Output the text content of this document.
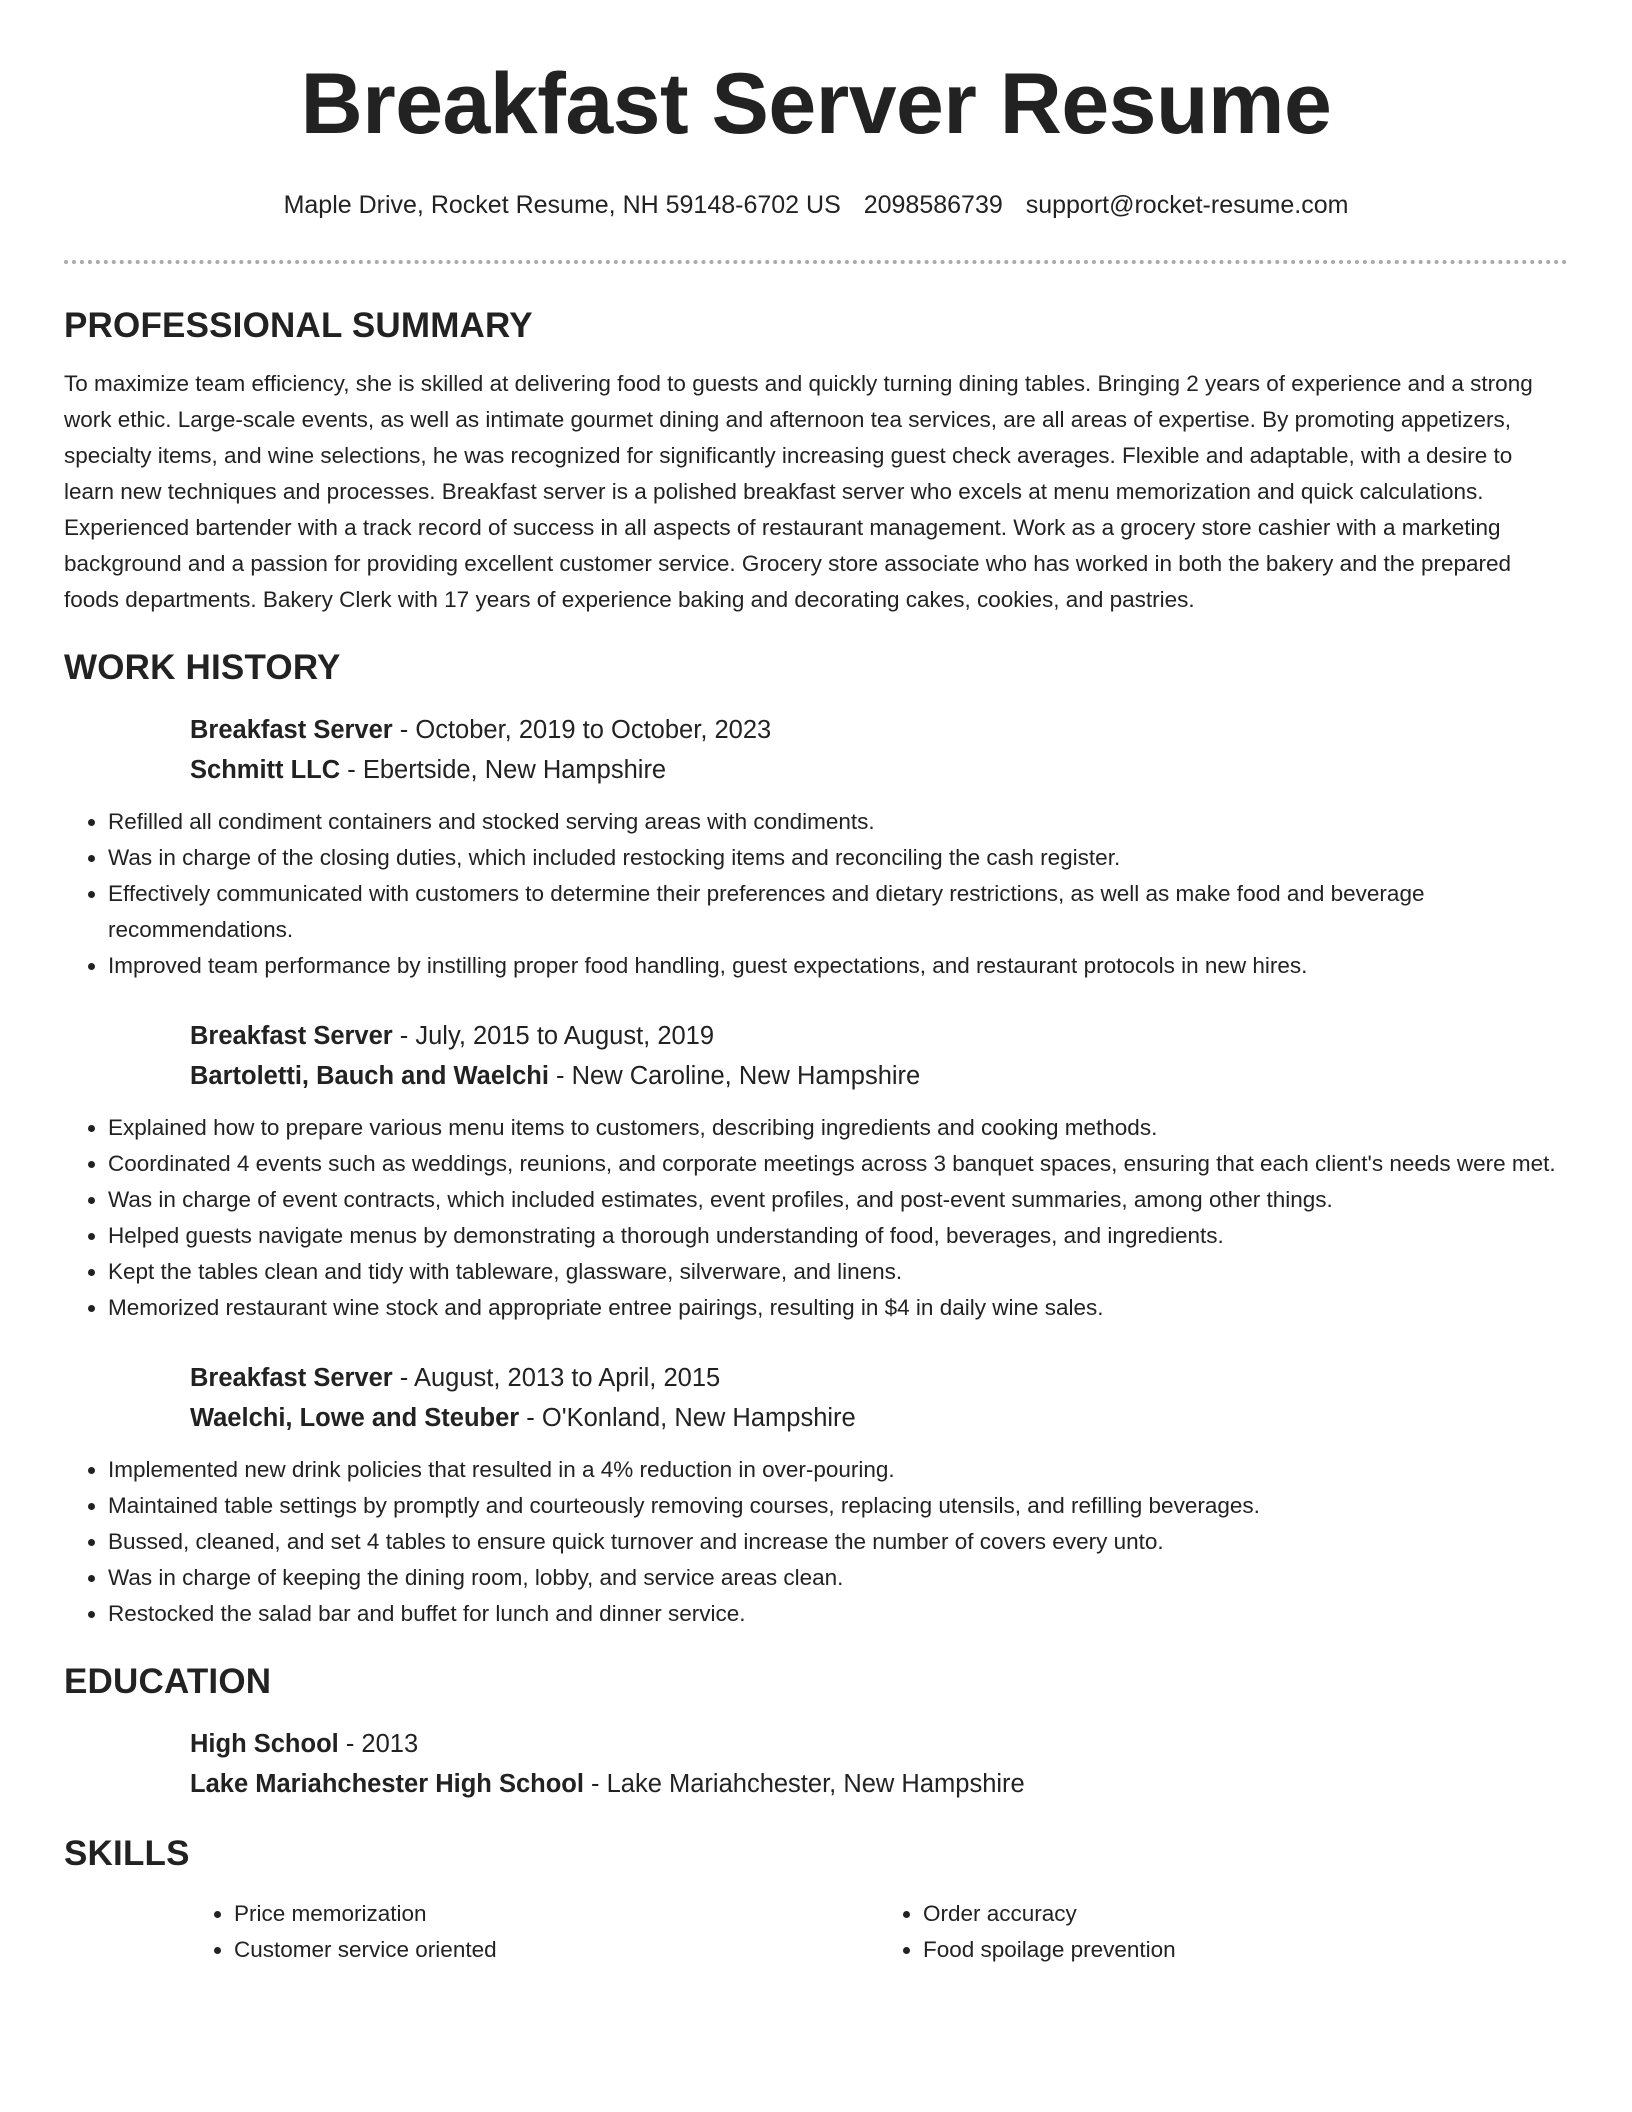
Breakfast Server Resume
Maple Drive, Rocket Resume, NH 59148-6702 US 2098586739 support@rocket-resume.com
PROFESSIONAL SUMMARY

To maximize team efficiency, she is skilled at delivering food to guests and quickly turning dining tables. Bringing 2 years of experience and a strong work ethic. Large-scale events, as well as intimate gourmet dining and afternoon tea services, are all areas of expertise. By promoting appetizers, specialty items, and wine selections, he was recognized for significantly increasing guest check averages. Flexible and adaptable, with a desire to learn new techniques and processes. Breakfast server is a polished breakfast server who excels at menu memorization and quick calculations. Experienced bartender with a track record of success in all aspects of restaurant management. Work as a grocery store cashier with a marketing background and a passion for providing excellent customer service. Grocery store associate who has worked in both the bakery and the prepared foods departments. Bakery Clerk with 17 years of experience baking and decorating cakes, cookies, and pastries.

WORK HISTORY

Breakfast Server - October, 2019 to October, 2023

Schmitt LLC - Ebertside, New Hampshire

• Refilled all condiment containers and stocked serving areas with condiments.
• Was in charge of the closing duties, which included restocking items and reconciling the cash register.
• Effectively communicated with customers to determine their preferences and dietary restrictions, as well as make food and beverage recommendations.
• Improved team performance by instilling proper food handling, guest expectations, and restaurant protocols in new hires.

Breakfast Server - July, 2015 to August, 2019

Bartoletti, Bauch and Waelchi - New Caroline, New Hampshire

• Explained how to prepare various menu items to customers, describing ingredients and cooking methods.
• Coordinated 4 events such as weddings, reunions, and corporate meetings across 3 banquet spaces, ensuring that each client's needs were met.
• Was in charge of event contracts, which included estimates, event profiles, and post-event summaries, among other things.
• Helped guests navigate menus by demonstrating a thorough understanding of food, beverages, and ingredients.
• Kept the tables clean and tidy with tableware, glassware, silverware, and linens.
• Memorized restaurant wine stock and appropriate entree pairings, resulting in $4 in daily wine sales.

Breakfast Server - August, 2013 to April, 2015

Waelchi, Lowe and Steuber - O'Konland, New Hampshire

• Implemented new drink policies that resulted in a 4% reduction in over-pouring.
• Maintained table settings by promptly and courteously removing courses, replacing utensils, and refilling beverages.
• Bussed, cleaned, and set 4 tables to ensure quick turnover and increase the number of covers every unto.
• Was in charge of keeping the dining room, lobby, and service areas clean.
• Restocked the salad bar and buffet for lunch and dinner service.
EDUCATION

High School - 2013

Lake Mariahchester High School - Lake Mariahchester, New Hampshire

SKILLS
• Price memorization
• Customer service oriented
• Order accuracy
• Food spoilage prevention
